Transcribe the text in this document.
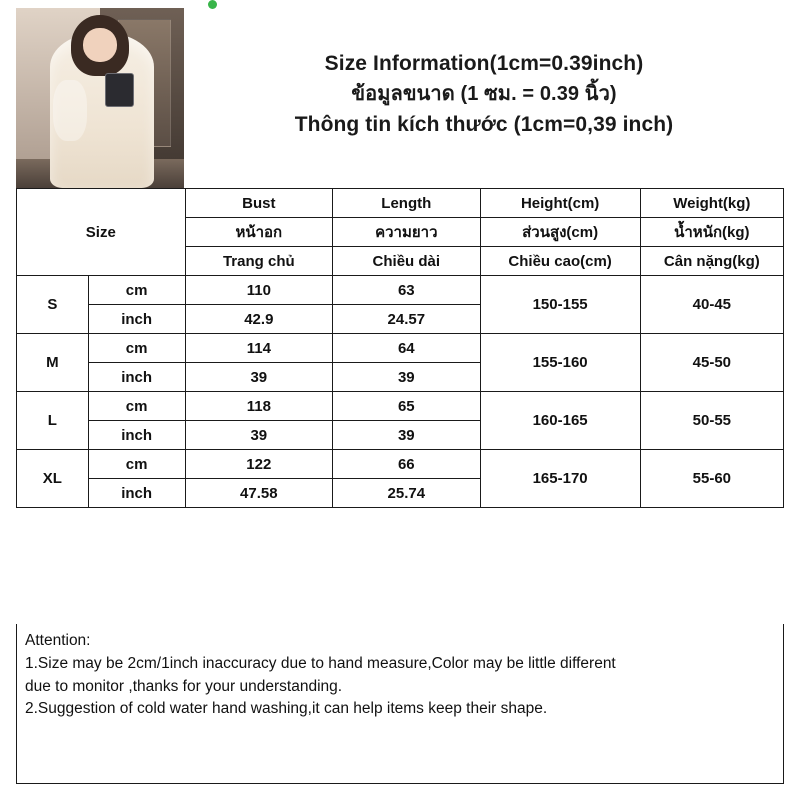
Size Information(1cm=0.39inch)
ข้อมูลขนาด (1 ซม. = 0.39 นิ้ว)
Thông tin kích thước (1cm=0,39 inch)
Size		Bust	Length	Height(cm)	Weight(kg)
		หน้าอก	ความยาว	ส่วนสูง(cm)	น้ำหนัก(kg)
		Trang chủ	Chiều dài	Chiều cao(cm)	Cân nặng(kg)
S	cm	110	63	150-155	40-45
	inch	42.9	24.57		
M	cm	114	64	155-160	45-50
	inch	39	39		
L	cm	118	65	160-165	50-55
	inch	39	39		
XL	cm	122	66	165-170	55-60
	inch	47.58	25.74		

Attention:

1.Size may be 2cm/1inch inaccuracy due to hand measure,Color may be little different

due to monitor ,thanks for your understanding.

2.Suggestion of cold water hand washing,it can help items keep their shape.
